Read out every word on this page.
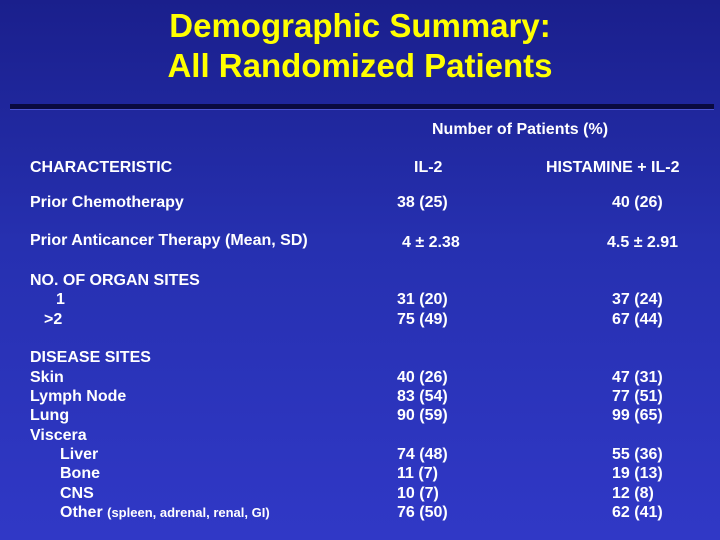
Demographic Summary:
All Randomized Patients
Number of Patients (%)
CHARACTERISTIC	IL-2	HISTAMINE + IL-2
Prior Chemotherapy	38 (25)	40 (26)
Prior Anticancer Therapy (Mean, SD)	4 ± 2.38	4.5 ± 2.91
NO. OF ORGAN SITES
1	31 (20)	37 (24)
>2	75 (49)	67 (44)
DISEASE SITES
Skin	40 (26)	47 (31)
Lymph Node	83 (54)	77 (51)
Lung	90 (59)	99 (65)
Viscera
Liver	74 (48)	55 (36)
Bone	11 (7)	19 (13)
CNS	10 (7)	12 (8)
Other (spleen, adrenal, renal, GI)	76 (50)	62 (41)
